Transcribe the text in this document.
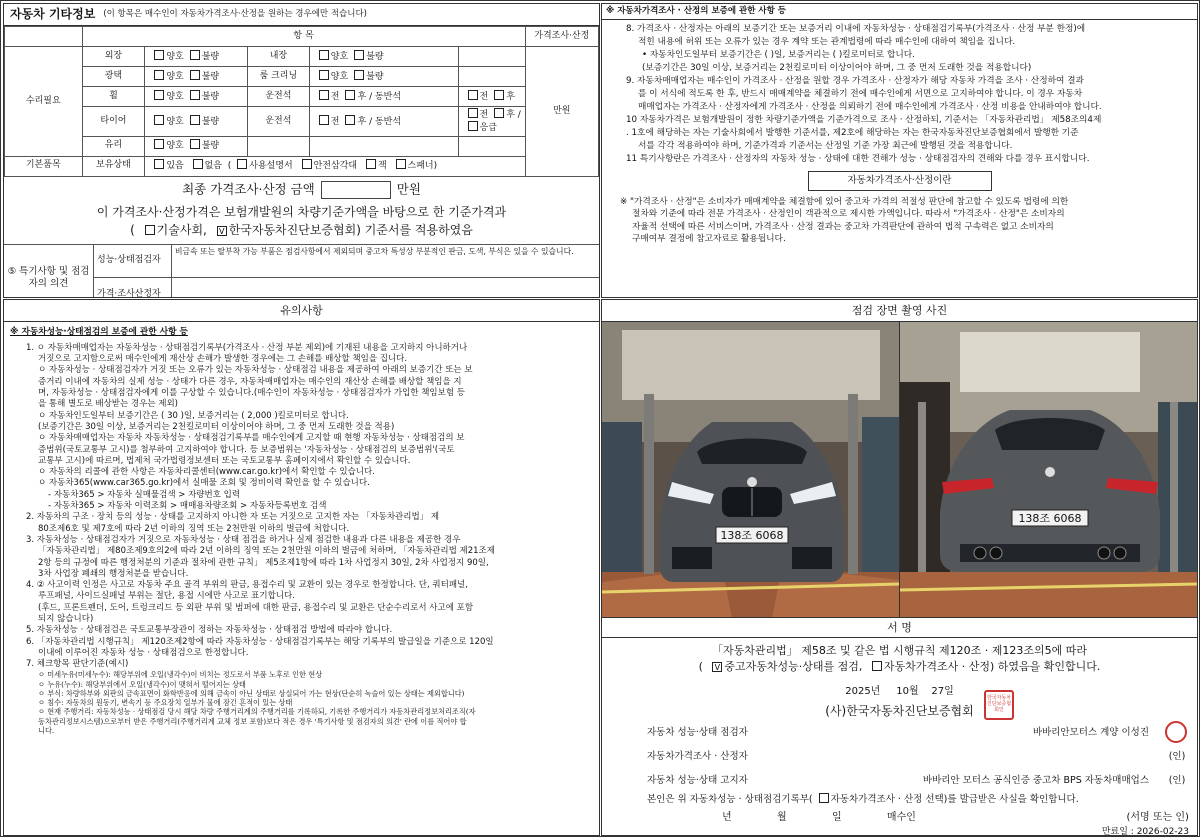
자동차 기타정보 (이 항목은 매수인이 자동차가격조사·산정을 원하는 경우에만 적습니다)
	항 목					가격조사·산정
수리필요	외장	양호 불량	내장	양호 불량		만원
	광택	양호 불량	룸 크리닝	양호 불량		
	휠	양호 불량	운전석	전 후 / 동반석	전 후	
	타이어	양호 불량	운전석	전 후 / 동반석	전 후 /응급	
	유리	양호 불량				
기본품목	보유상태	있음 없음 ( 사용설명서 안전삼각대 잭 스패너)				
최종 가격조사·산정 금액	만원
이 가격조사·산정가격은 보험개발원의 차량기준가액을 바탕으로 한 기준가격과
( 기술사회, V 한국자동차진단보증협회) 기준서를 적용하였음
⑤ 특기사항 및 점검자의 의견
성능·상태점검자
비금속 또는 탈부착 가능 부품은 점검사항에서 제외되며 중고차 특성상 부분적인 판금, 도색, 부식은 있을 수 있습니다.
가격·조사산정자
※ 자동차가격조사 · 산정의 보증에 관한 사항 등

8. 가격조사 · 산정자는 아래의 보증기간 또는 보증거리 이내에 자동차성능 · 상태점검기록부(가격조사 · 산정 부분 한정)에

적힌 내용에 허위 또는 오류가 있는 경우 계약 또는 관계법령에 따라 매수인에 대하여 책임을 집니다.

• 자동차인도일부터 보증기간은 ( )일, 보증거리는 ( )킬로미터로 합니다.

(보증기간은 30일 이상, 보증거리는 2천킬로미터 이상이어야 하며, 그 중 먼저 도래한 것을 적용합니다)

9. 자동차매매업자는 매수인이 가격조사 · 산정을 원할 경우 가격조사 · 산정자가 해당 자동차 가격을 조사 · 산정하여 결과

를 이 서식에 적도록 한 후, 반드시 매매계약을 체결하기 전에 매수인에게 서면으로 고지하여야 합니다. 이 경우 자동차

매매업자는 가격조사 · 산정자에게 가격조사 · 산정을 의뢰하기 전에 매수인에게 가격조사 · 산정 비용을 안내하여야 합니다.

10 자동차가격은 보험개발원이 정한 차량기준가액을 기준가격으로 조사 · 산정하되, 기준서는 「자동차관리법」 제58조의4제

. 1호에 해당하는 자는 기술사회에서 발행한 기준서를, 제2호에 해당하는 자는 한국자동차진단보증협회에서 발행한 기준

서를 각각 적용하여야 하며, 기준가격과 기준서는 산정일 기준 가장 최근에 발행된 것을 적용합니다.

11 특기사항란은 가격조사 · 산정자의 자동차 성능 · 상태에 대한 견해가 성능 · 상태점검자의 견해와 다를 경우 표시합니다.

자동차가격조사·산정이란

※ "가격조사 · 산정"은 소비자가 매매계약을 체결함에 있어 중고차 가격의 적절성 판단에 참고할 수 있도록 법령에 의한

절차와 기준에 따라 전문 가격조사 · 산정인이 객관적으로 제시한 가액입니다. 따라서 "가격조사 · 산정"은 소비자의

자율적 선택에 따른 서비스이며, 가격조사 · 산정 결과는 중고차 가격판단에 관하여 법적 구속력은 없고 소비자의

구매여부 결정에 참고자료로 활용됩니다.

유의사항
※ 자동차성능·상태점검의 보증에 관한 사항 등

1. ㅇ 자동차매매업자는 자동차성능 · 상태점검기록부(가격조사 · 산정 부분 제외)에 기재된 내용을 고지하지 아니하거나

거짓으로 고지함으로써 매수인에게 재산상 손해가 발생한 경우에는 그 손해를 배상할 책임을 집니다.

ㅇ 자동차성능 · 상태점검자가 거짓 또는 오류가 있는 자동차성능 · 상태점검 내용을 제공하여 아래의 보증기간 또는 보

증거리 이내에 자동차의 실제 성능 · 상태가 다른 경우, 자동차매매업자는 매수인의 재산상 손해를 배상할 책임을 지

며, 자동차성능 · 상태점검자에게 이를 구상할 수 있습니다.(매수인이 자동차성능 · 상태점검자가 가입한 책임보험 등

을 통해 별도로 배상받는 경우는 제외)

ㅇ 자동차인도일부터 보증기간은 ( 30 )일, 보증거리는 ( 2,000 )킬로미터로 합니다.

(보증기간은 30일 이상, 보증거리는 2천킬로미터 이상이어야 하며, 그 중 먼저 도래한 것을 적용)

ㅇ 자동차매매업자는 자동차 자동차성능 · 상태점검기록부를 매수인에게 고지할 때 현행 자동차성능 · 상태점검의 보

증범위(국토교통부 고시)를 첨부하여 고지하여야 합니다. 등 보증범위는 '자동차성능 · 상태점검의 보증범위'(국토

교통부 고시)에 따르며, 법제처 국가법령정보센터 또는 국토교통부 홈페이지에서 확인할 수 있습니다.

ㅇ 자동차의 리콜에 관한 사항은 자동차리콜센터(www.car.go.kr)에서 확인할 수 있습니다.

ㅇ 자동차365(www.car365.go.kr)에서 실매물 조회 및 정비이력 확인을 할 수 있습니다.

- 자동차365 > 자동차 실매물검색 > 자량번호 입력

- 자동차365 > 자동차 이력조회 > 매매용차량조회 > 자동차등록번호 검색

2. 자동차의 구조 · 장치 등의 성능 · 상태를 고지하지 아니한 자 또는 거짓으로 고지한 자는 「자동차관리법」 제

80조제6호 및 제7호에 따라 2년 이하의 징역 또는 2천만원 이하의 벌금에 처합니다.

3. 자동차성능 · 상태점검자가 거짓으로 자동차성능 · 상태 점검을 하거나 실제 점검한 내용과 다른 내용을 제공한 경우

「자동차관리법」 제80조제9호의2에 따라 2년 이하의 징역 또는 2천만원 이하의 벌금에 처하며, 「자동차관리법 제21조제

2항 등의 규정에 따른 행정처분의 기준과 절차에 관한 규칙」 제5조제1항에 따라 1차 사업정지 30일, 2차 사업정지 90일,

3차 사업장 폐쇄의 행정처분을 받습니다.

4. ② 사고이력 인정은 사고로 자동차 주요 골격 부위의 판금, 용접수리 및 교환이 있는 경우로 한정합니다. 단, 쿼터패널,

루프패널, 사이드실패널 부위는 절단, 용접 시에만 사고로 표기합니다.

(후드, 프론트펜더, 도어, 트렁크리드 등 외판 부위 및 범퍼에 대한 판금, 용접수리 및 교환은 단순수리로서 사고에 포함

되지 않습니다)

5. 자동차성능 · 상태점검은 국토교통부장관이 정하는 자동차성능 · 상태점검 방법에 따라야 합니다.

6. 「자동차관리법 시행규칙」 제120조제2항에 따라 자동차성능 · 상태점검기록부는 해당 기록부의 발급일을 기준으로 120일

이내에 이루어진 자동차 성능 · 상태점검으로 한정합니다.

7. 체크항목 판단기준(예시)

ㅇ 미세누유(미세누수): 해당부위에 오일(냉각수)이 비치는 정도로서 부품 노후로 인한 현상

ㅇ 누유(누수): 해당부위에서 오일(냉각수)이 맺혀서 떨어지는 상태

ㅇ 부식: 차량하부와 외판의 금속표면이 화학반응에 의해 금속이 아닌 상태로 상실되어 가는 현상(단순히 녹슬어 있는 상태는 제외합니다)

ㅇ 침수: 자동차의 원동기, 변속기 등 주요장치 일부가 물에 잠긴 흔적이 있는 상태

ㅇ 현재 주행거리: 자동차성능 · 상태점검 당시 해당 차량 주행거리계의 주행거리를 기록하되, 기록한 주행거리가 자동차관리정보처리조직(자

동차관리정보시스템)으로부터 받은 주행거리(주행거리계 교체 정보 포함)보다 적은 경우 '특기사항 및 점검자의 의견' 란에 이를 적어야 합

니다.

점검 장면 촬영 사진
138조 6068
138조 6068
서 명
「자동차관리법」 제58조 및 같은 법 시행규칙 제120조 · 제123조의5에 따라
( V 중고자동차성능·상태를 점검, 자동차가격조사 · 산정) 하였음을 확인합니다.
2025년 10월 27일
(사)한국자동차진단보증협회
한국자동차진단보증협회인
자동차 성능·상태 점검자	바바리안모터스 계양 이성진
자동차가격조사 · 산정자	(인)
자동차 성능·상태 고지자	바바리안 모터스 공식인증 중고차 BPS 자동차매매업스	(인)
본인은 위 자동차성능 · 상태점검기록부( 자동차가격조사 · 산정 선택)를 발급받은 사실을 확인합니다.
년	월	일	매수인	(서명 또는 인)
만료일 : 2026-02-23
